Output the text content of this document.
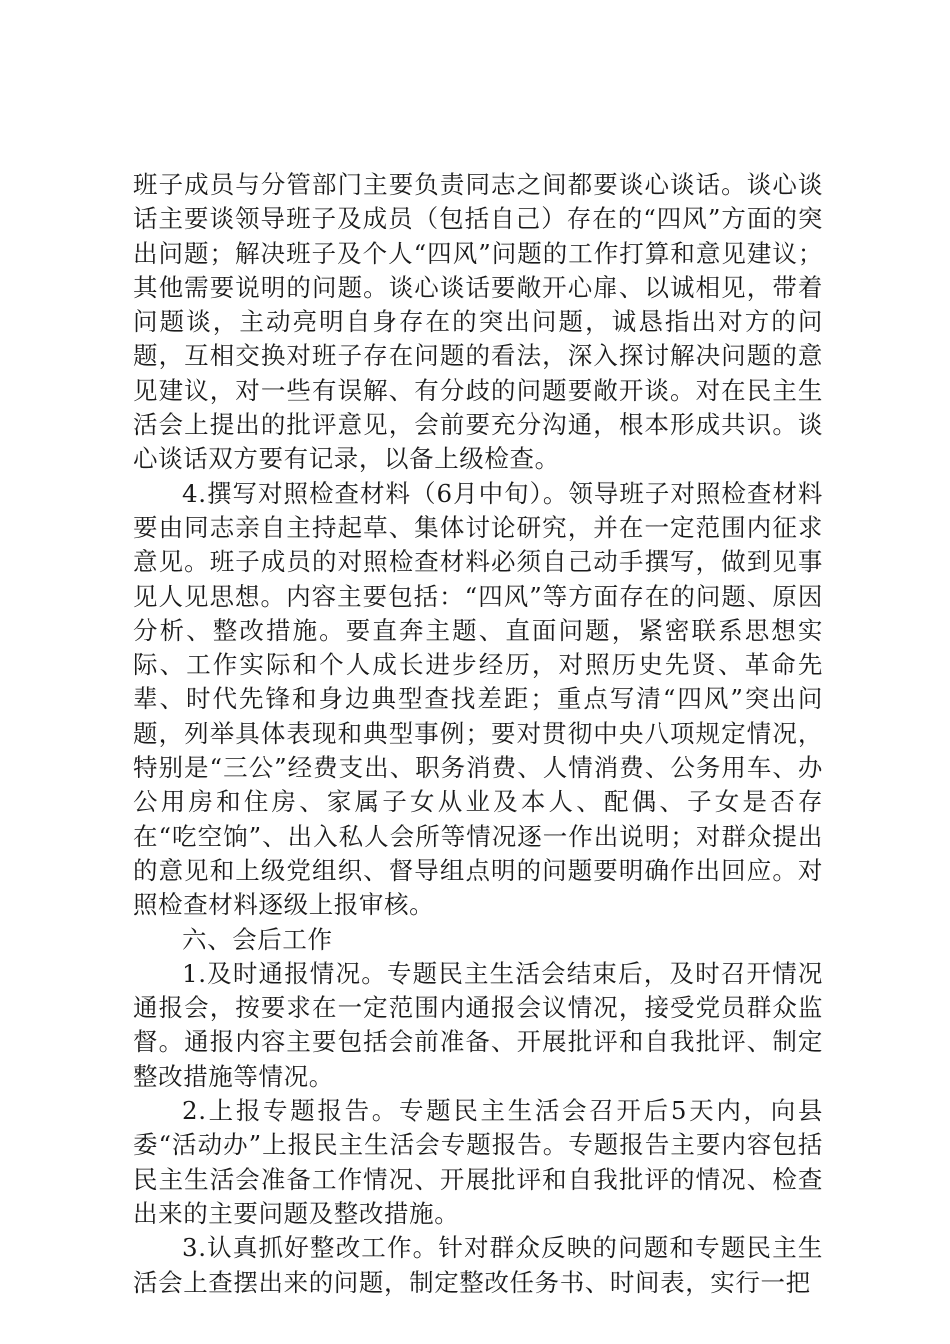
班子成员与分管部门主要负责同志之间都要谈心谈话。谈心谈话主要谈领导班子及成员（包括自己）存在的“四风”方面的突出问题；解决班子及个人“四风”问题的工作打算和意见建议；其他需要说明的问题。谈心谈话要敞开心扉、以诚相见，带着问题谈，主动亮明自身存在的突出问题，诚恳指出对方的问题，互相交换对班子存在问题的看法，深入探讨解决问题的意见建议，对一些有误解、有分歧的问题要敞开谈。对在民主生活会上提出的批评意见，会前要充分沟通，根本形成共识。谈心谈话双方要有记录，以备上级检查。

4.撰写对照检查材料（6月中旬）。领导班子对照检查材料要由同志亲自主持起草、集体讨论研究，并在一定范围内征求意见。班子成员的对照检查材料必须自己动手撰写，做到见事见人见思想。内容主要包括：“四风”等方面存在的问题、原因分析、整改措施。要直奔主题、直面问题，紧密联系思想实际、工作实际和个人成长进步经历，对照历史先贤、革命先辈、时代先锋和身边典型查找差距；重点写清“四风”突出问题，列举具体表现和典型事例；要对贯彻中央八项规定情况，特别是“三公”经费支出、职务消费、人情消费、公务用车、办公用房和住房、家属子女从业及本人、配偶、子女是否存在“吃空饷”、出入私人会所等情况逐一作出说明；对群众提出的意见和上级党组织、督导组点明的问题要明确作出回应。对照检查材料逐级上报审核。

六、会后工作

1.及时通报情况。专题民主生活会结束后，及时召开情况通报会，按要求在一定范围内通报会议情况，接受党员群众监督。通报内容主要包括会前准备、开展批评和自我批评、制定整改措施等情况。

2.上报专题报告。专题民主生活会召开后5天内，向县委“活动办”上报民主生活会专题报告。专题报告主要内容包括民主生活会准备工作情况、开展批评和自我批评的情况、检查出来的主要问题及整改措施。

3.认真抓好整改工作。针对群众反映的问题和专题民主生活会上查摆出来的问题，制定整改任务书、时间表，实行一把
